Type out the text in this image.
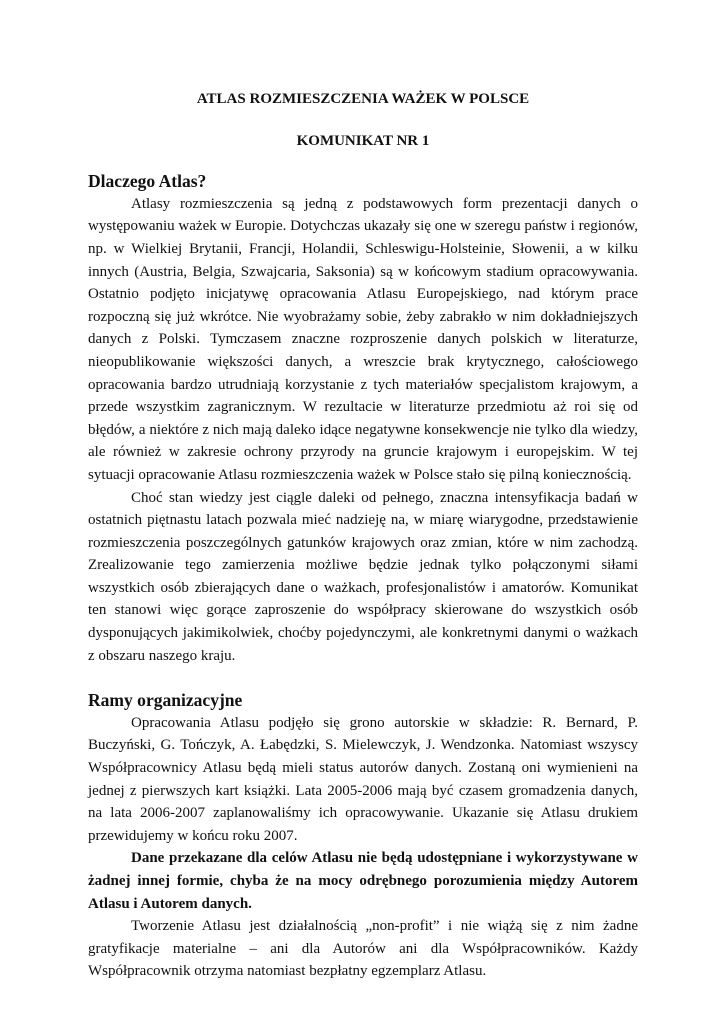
ATLAS ROZMIESZCZENIA WAŻEK W POLSCE
KOMUNIKAT NR 1
Dlaczego Atlas?

Atlasy rozmieszczenia są jedną z podstawowych form prezentacji danych o występowaniu ważek w Europie. Dotychczas ukazały się one w szeregu państw i regionów, np. w Wielkiej Brytanii, Francji, Holandii, Schleswigu-Holsteinie, Słowenii, a w kilku innych (Austria, Belgia, Szwajcaria, Saksonia) są w końcowym stadium opracowywania. Ostatnio podjęto inicjatywę opracowania Atlasu Europejskiego, nad którym prace rozpoczną się już wkrótce. Nie wyobrażamy sobie, żeby zabrakło w nim dokładniejszych danych z Polski. Tymczasem znaczne rozproszenie danych polskich w literaturze, nieopublikowanie większości danych, a wreszcie brak krytycznego, całościowego opracowania bardzo utrudniają korzystanie z tych materiałów specjalistom krajowym, a przede wszystkim zagranicznym. W rezultacie w literaturze przedmiotu aż roi się od błędów, a niektóre z nich mają daleko idące negatywne konsekwencje nie tylko dla wiedzy, ale również w zakresie ochrony przyrody na gruncie krajowym i europejskim. W tej sytuacji opracowanie Atlasu rozmieszczenia ważek w Polsce stało się pilną koniecznością.

Choć stan wiedzy jest ciągle daleki od pełnego, znaczna intensyfikacja badań w ostatnich piętnastu latach pozwala mieć nadzieję na, w miarę wiarygodne, przedstawienie rozmieszczenia poszczególnych gatunków krajowych oraz zmian, które w nim zachodzą. Zrealizowanie tego zamierzenia możliwe będzie jednak tylko połączonymi siłami wszystkich osób zbierających dane o ważkach, profesjonalistów i amatorów. Komunikat ten stanowi więc gorące zaproszenie do współpracy skierowane do wszystkich osób dysponujących jakimikolwiek, choćby pojedynczymi, ale konkretnymi danymi o ważkach z obszaru naszego kraju.

Ramy organizacyjne

Opracowania Atlasu podjęło się grono autorskie w składzie: R. Bernard, P. Buczyński, G. Tończyk, A. Łabędzki, S. Mielewczyk, J. Wendzonka. Natomiast wszyscy Współpracownicy Atlasu będą mieli status autorów danych. Zostaną oni wymienieni na jednej z pierwszych kart książki. Lata 2005-2006 mają być czasem gromadzenia danych, na lata 2006-2007 zaplanowaliśmy ich opracowywanie. Ukazanie się Atlasu drukiem przewidujemy w końcu roku 2007.

Dane przekazane dla celów Atlasu nie będą udostępniane i wykorzystywane w żadnej innej formie, chyba że na mocy odrębnego porozumienia między Autorem Atlasu i Autorem danych.

Tworzenie Atlasu jest działalnością „non-profit” i nie wiążą się z nim żadne gratyfikacje materialne – ani dla Autorów ani dla Współpracowników. Każdy Współpracownik otrzyma natomiast bezpłatny egzemplarz Atlasu.
